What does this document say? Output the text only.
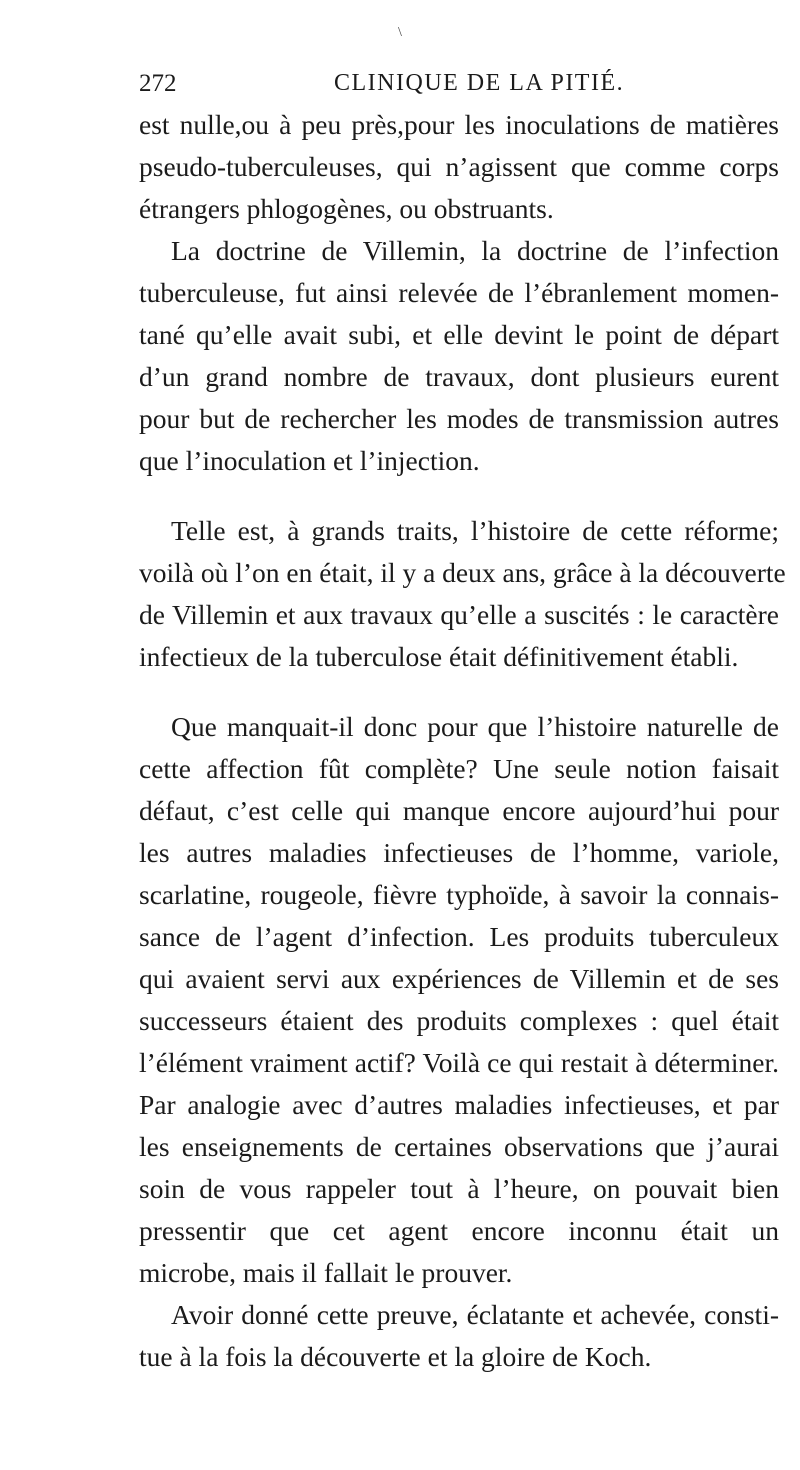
\
272	CLINIQUE DE LA PITIÉ.
est nulle,ou à peu près,pour les inoculations de matières
pseudo-tuberculeuses, qui n’agissent que comme corps
étrangers phlogogènes, ou obstruants.
La doctrine de Villemin, la doctrine de l’infection
tuberculeuse, fut ainsi relevée de l’ébranlement momen-
tané qu’elle avait subi, et elle devint le point de départ
d’un grand nombre de travaux, dont plusieurs eurent
pour but de rechercher les modes de transmission autres
que l’inoculation et l’injection.
Telle est, à grands traits, l’histoire de cette réforme;
voilà où l’on en était, il y a deux ans, grâce à la découverte
de Villemin et aux travaux qu’elle a suscités : le caractère
infectieux de la tuberculose était définitivement établi.
Que manquait-il donc pour que l’histoire naturelle de
cette affection fût complète? Une seule notion faisait
défaut, c’est celle qui manque encore aujourd’hui pour
les autres maladies infectieuses de l’homme, variole,
scarlatine, rougeole, fièvre typhoïde, à savoir la connais-
sance de l’agent d’infection. Les produits tuberculeux
qui avaient servi aux expériences de Villemin et de ses
successeurs étaient des produits complexes : quel était
l’élément vraiment actif? Voilà ce qui restait à déterminer.
Par analogie avec d’autres maladies infectieuses, et par
les enseignements de certaines observations que j’aurai
soin de vous rappeler tout à l’heure, on pouvait bien
pressentir que cet agent encore inconnu était un
microbe, mais il fallait le prouver.
Avoir donné cette preuve, éclatante et achevée, consti-
tue à la fois la découverte et la gloire de Koch.
